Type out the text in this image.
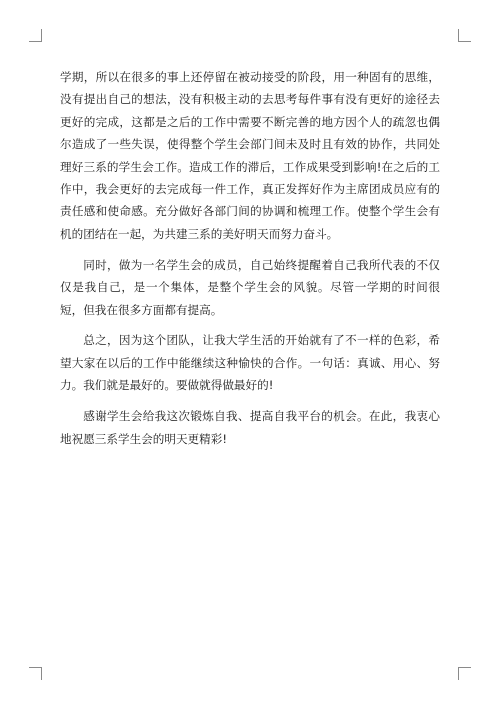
学期，所以在很多的事上还停留在被动接受的阶段，用一种固有的思维，没有提出自己的想法，没有积极主动的去思考每件事有没有更好的途径去更好的完成，这都是之后的工作中需要不断完善的地方因个人的疏忽也偶尔造成了一些失误，使得整个学生会部门间未及时且有效的协作，共同处理好三系的学生会工作。造成工作的滞后，工作成果受到影响!在之后的工作中，我会更好的去完成每一件工作，真正发挥好作为主席团成员应有的责任感和使命感。充分做好各部门间的协调和梳理工作。使整个学生会有机的团结在一起，为共建三系的美好明天而努力奋斗。

同时，做为一名学生会的成员，自己始终提醒着自己我所代表的不仅仅是我自己，是一个集体，是整个学生会的风貌。尽管一学期的时间很短，但我在很多方面都有提高。

总之，因为这个团队，让我大学生活的开始就有了不一样的色彩，希望大家在以后的工作中能继续这种愉快的合作。一句话：真诚、用心、努力。我们就是最好的。要做就得做最好的!

感谢学生会给我这次锻炼自我、提高自我平台的机会。在此，我衷心地祝愿三系学生会的明天更精彩!
